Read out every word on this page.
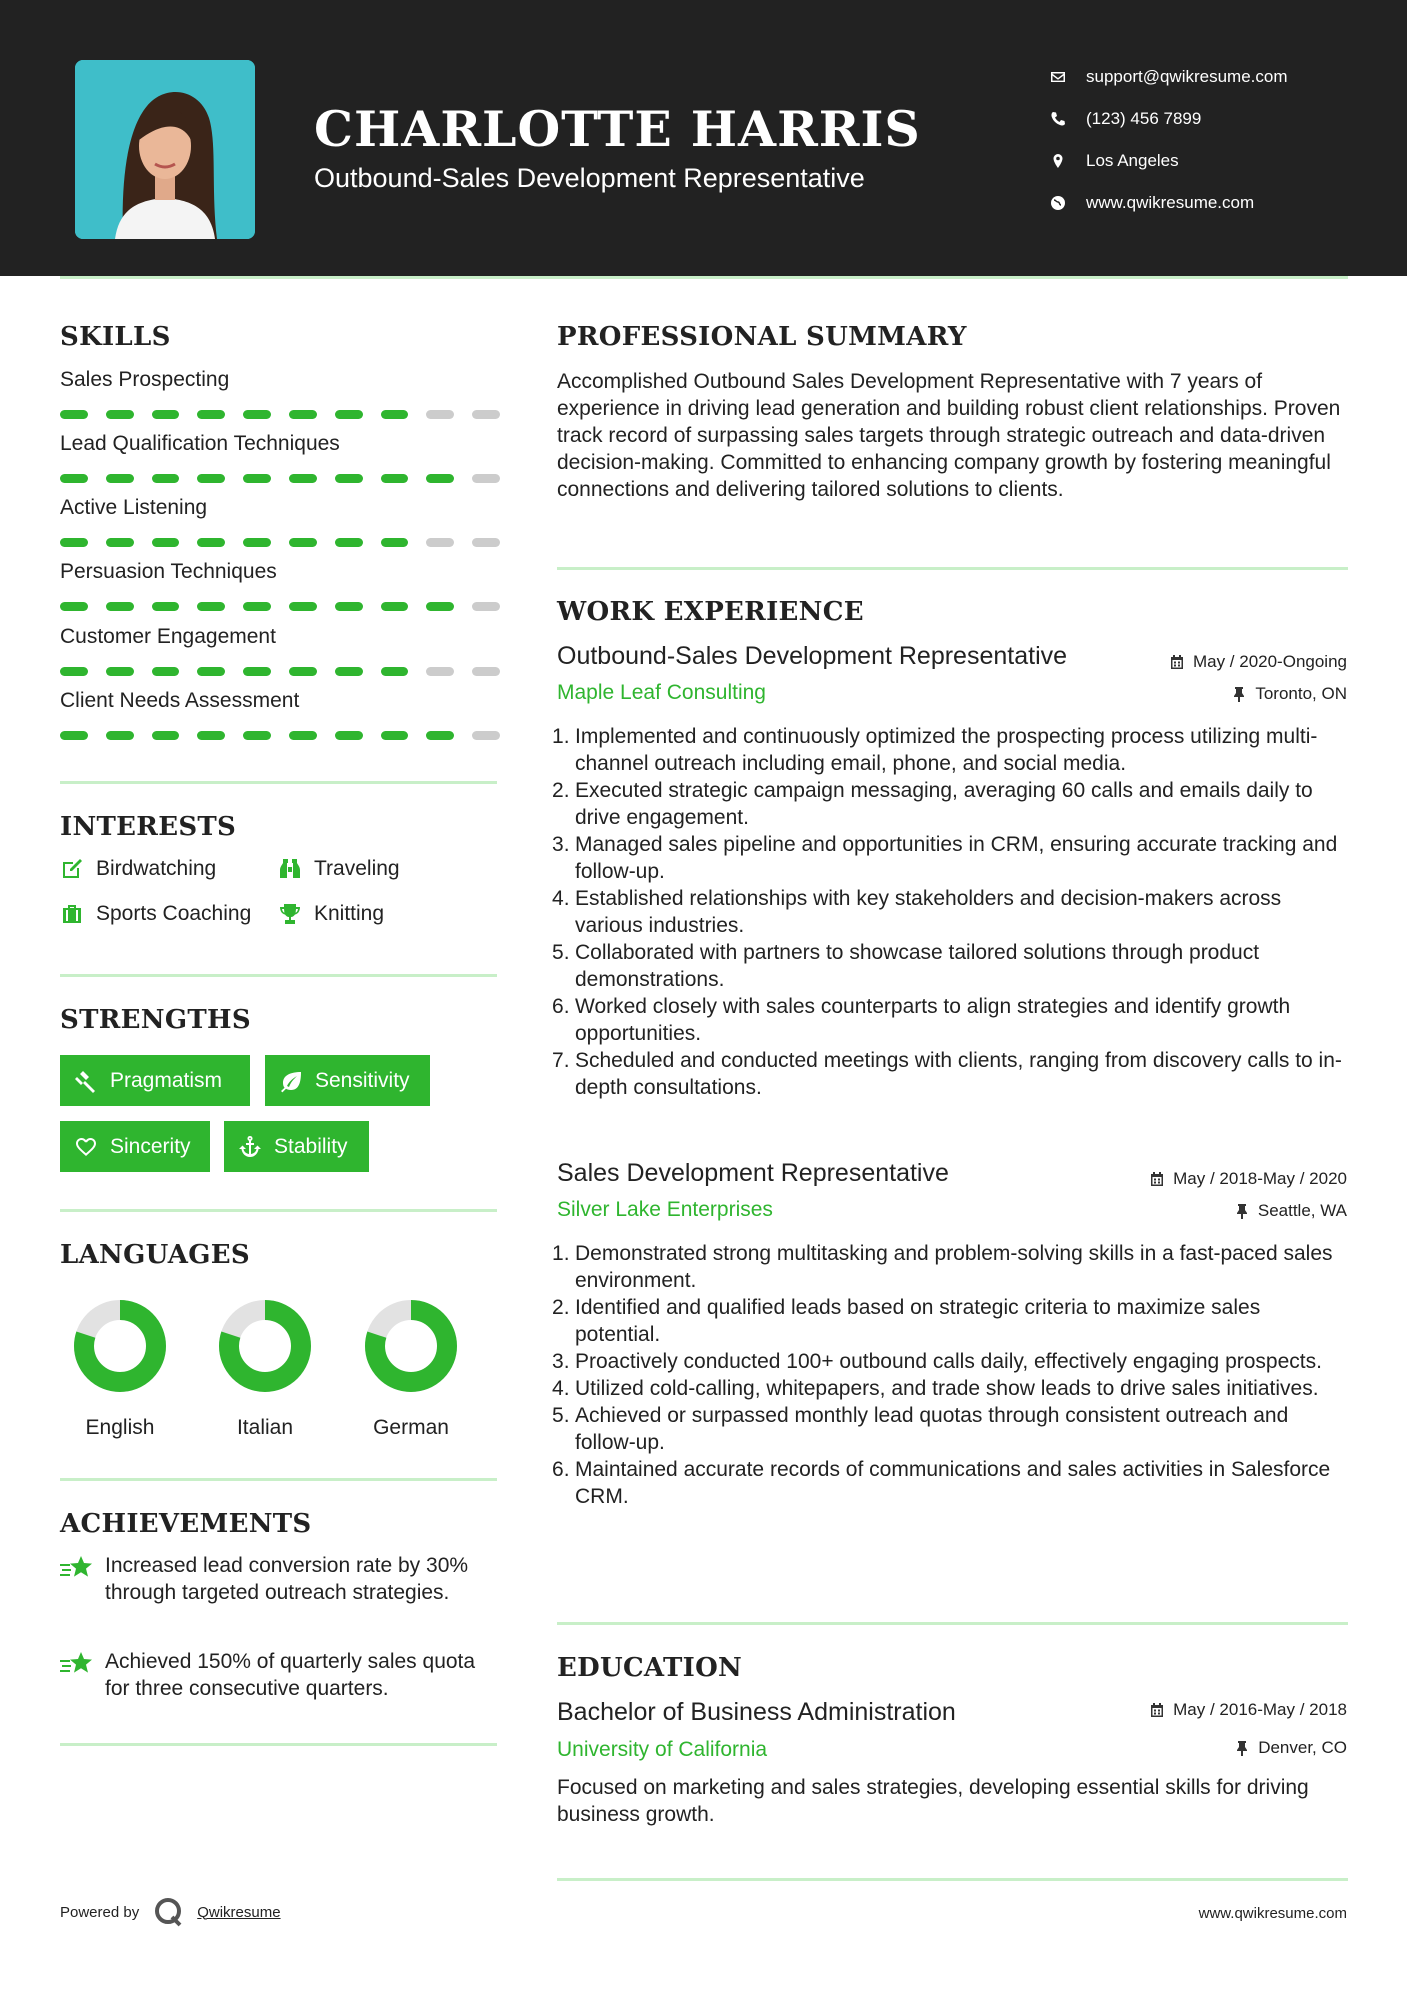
CHARLOTTE HARRIS
Outbound-Sales Development Representative
support@qwikresume.com
(123) 456 7899
Los Angeles
www.qwikresume.com
SKILLS
Sales Prospecting
Lead Qualification Techniques
Active Listening
Persuasion Techniques
Customer Engagement
Client Needs Assessment
INTERESTS
Birdwatching	Traveling
Sports Coaching	Knitting
STRENGTHS
Pragmatism	Sensitivity
Sincerity	Stability
LANGUAGES
English	Italian	German
ACHIEVEMENTS
Increased lead conversion rate by 30% through targeted outreach strategies.
Achieved 150% of quarterly sales quota for three consecutive quarters.
PROFESSIONAL SUMMARY
Accomplished Outbound Sales Development Representative with 7 years of experience in driving lead generation and building robust client relationships. Proven track record of surpassing sales targets through strategic outreach and data-driven decision-making. Committed to enhancing company growth by fostering meaningful connections and delivering tailored solutions to clients.
WORK EXPERIENCE
Outbound-Sales Development Representative	May / 2020-Ongoing
Maple Leaf Consulting	Toronto, ON
Implemented and continuously optimized the prospecting process utilizing multi-channel outreach including email, phone, and social media.
Executed strategic campaign messaging, averaging 60 calls and emails daily to drive engagement.
Managed sales pipeline and opportunities in CRM, ensuring accurate tracking and follow-up.
Established relationships with key stakeholders and decision-makers across various industries.
Collaborated with partners to showcase tailored solutions through product demonstrations.
Worked closely with sales counterparts to align strategies and identify growth opportunities.
Scheduled and conducted meetings with clients, ranging from discovery calls to in-depth consultations.
Sales Development Representative	May / 2018-May / 2020
Silver Lake Enterprises	Seattle, WA
Demonstrated strong multitasking and problem-solving skills in a fast-paced sales environment.
Identified and qualified leads based on strategic criteria to maximize sales potential.
Proactively conducted 100+ outbound calls daily, effectively engaging prospects.
Utilized cold-calling, whitepapers, and trade show leads to drive sales initiatives.
Achieved or surpassed monthly lead quotas through consistent outreach and follow-up.
Maintained accurate records of communications and sales activities in Salesforce CRM.
EDUCATION
Bachelor of Business Administration	May / 2016-May / 2018
University of California	Denver, CO
Focused on marketing and sales strategies, developing essential skills for driving business growth.
Powered by	Qwikresume	www.qwikresume.com
